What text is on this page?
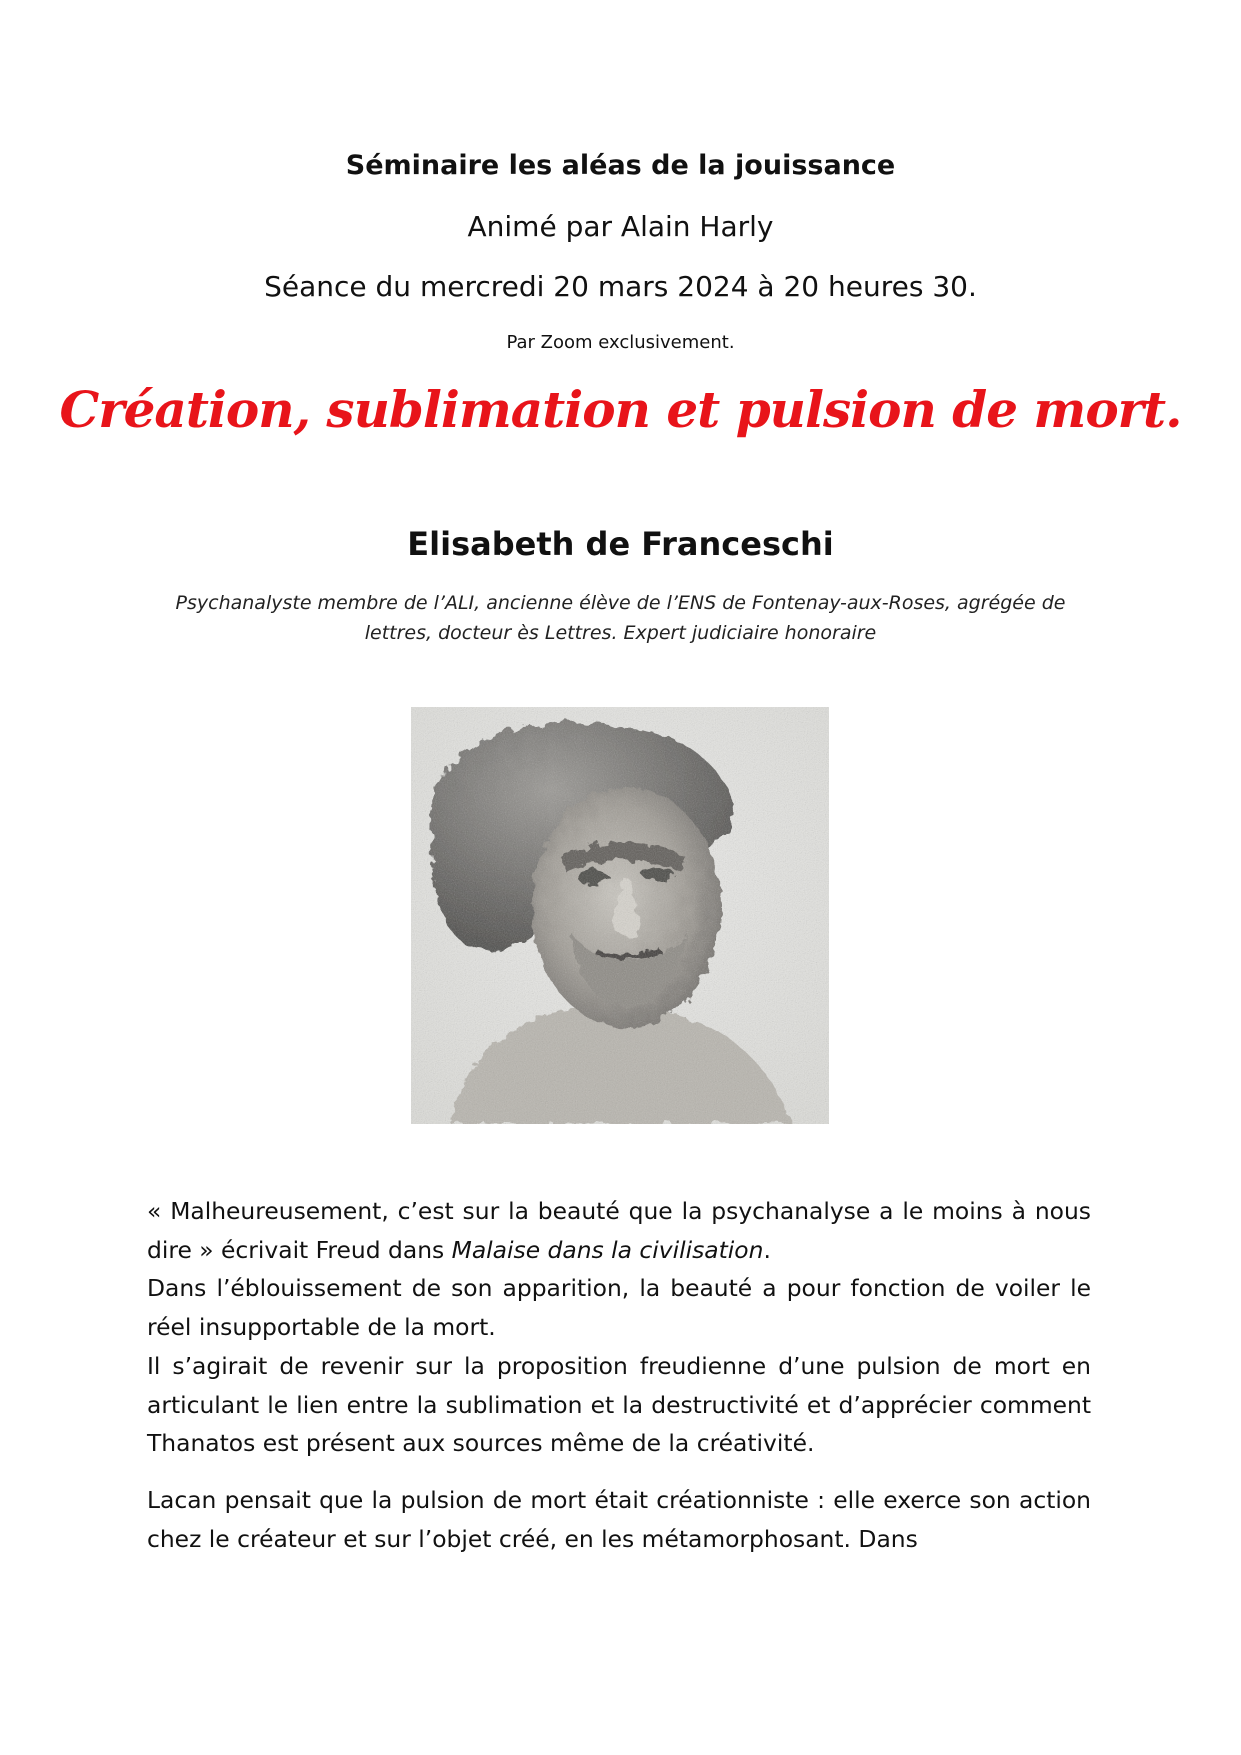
Séminaire les aléas de la jouissance
Animé par Alain Harly
Séance du mercredi 20 mars 2024 à 20 heures 30.
Par Zoom exclusivement.
Création, sublimation et pulsion de mort.
Elisabeth de Franceschi
Psychanalyste membre de l’ALI, ancienne élève de l’ENS de Fontenay-aux-Roses, agrégée de
lettres, docteur ès Lettres. Expert judiciaire honoraire

« Malheureusement, c’est sur la beauté que la psychanalyse a le moins à nous dire » écrivait Freud dans Malaise dans la civilisation.
Dans l’éblouissement de son apparition, la beauté a pour fonction de voiler le réel insupportable de la mort.
Il s’agirait de revenir sur la proposition freudienne d’une pulsion de mort en articulant le lien entre la sublimation et la destructivité et d’apprécier comment Thanatos est présent aux sources même de la créativité.

Lacan pensait que la pulsion de mort était créationniste : elle exerce son action chez le créateur et sur l’objet créé, en les métamorphosant. Dans
